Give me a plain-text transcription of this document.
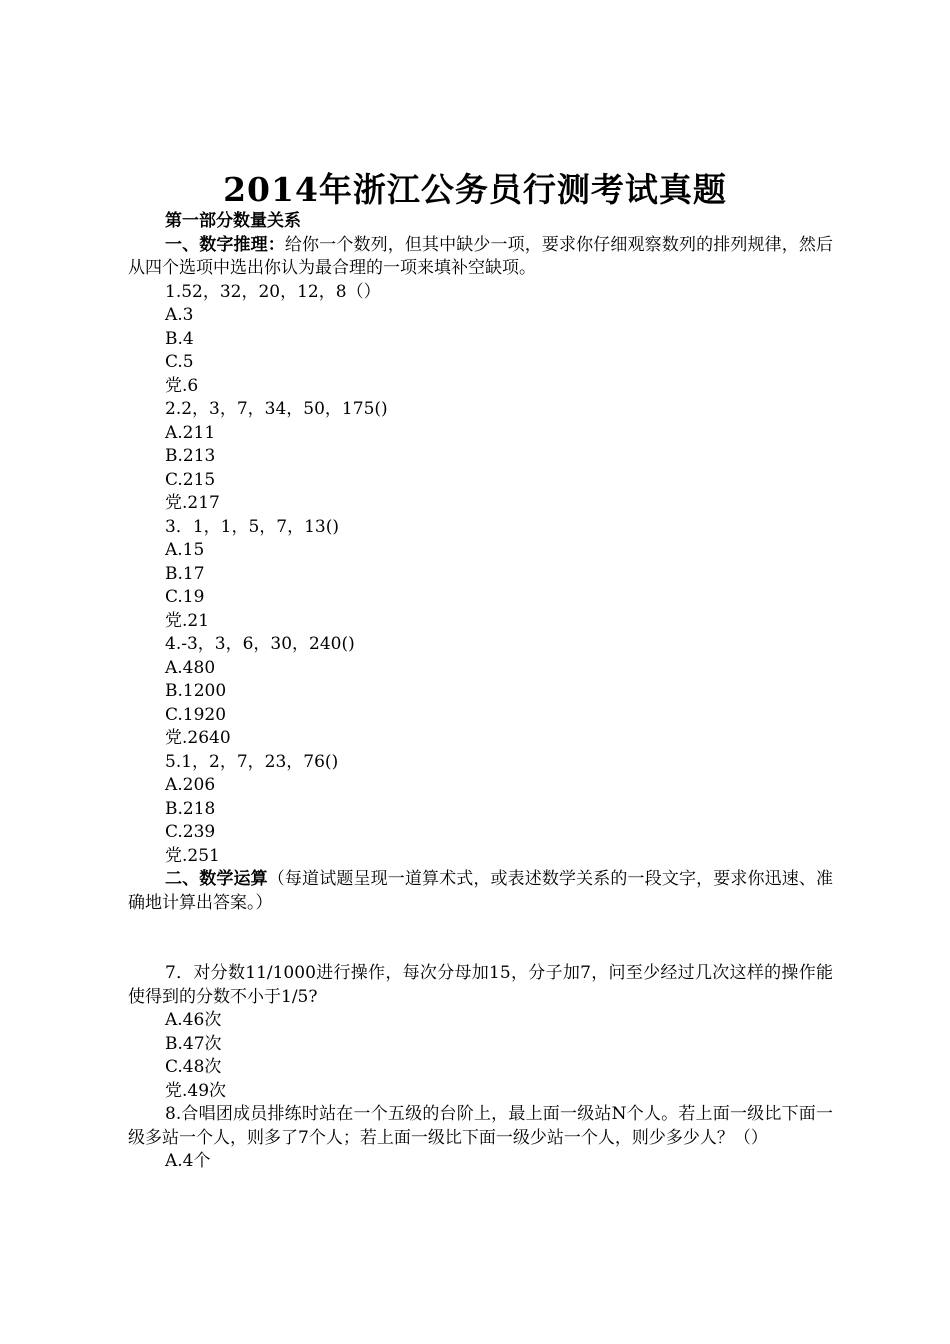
2014年浙江公务员行测考试真题
第一部分数量关系
一、数字推理：给你一个数列，但其中缺少一项，要求你仔细观察数列的排列规律，然后从四个选项中选出你认为最合理的一项来填补空缺项。
1.52，32，20，12，8（）
A.3
B.4
C.5
党.6
2.2，3，7，34，50，175()
A.211
B.213
C.215
党.217
3．1，1，5，7，13()
A.15
B.17
C.19
党.21
4.-3，3，6，30，240()
A.480
B.1200
C.1920
党.2640
5.1，2，7，23，76()
A.206
B.218
C.239
党.251
二、数学运算（每道试题呈现一道算术式，或表述数学关系的一段文字，要求你迅速、准确地计算出答案。）
7．对分数11/1000进行操作，每次分母加15，分子加7，问至少经过几次这样的操作能使得到的分数不小于1/5?
A.46次
B.47次
C.48次
党.49次
8.合唱团成员排练时站在一个五级的台阶上，最上面一级站N个人。若上面一级比下面一级多站一个人，则多了7个人；若上面一级比下面一级少站一个人，则少多少人？（）
A.4个
